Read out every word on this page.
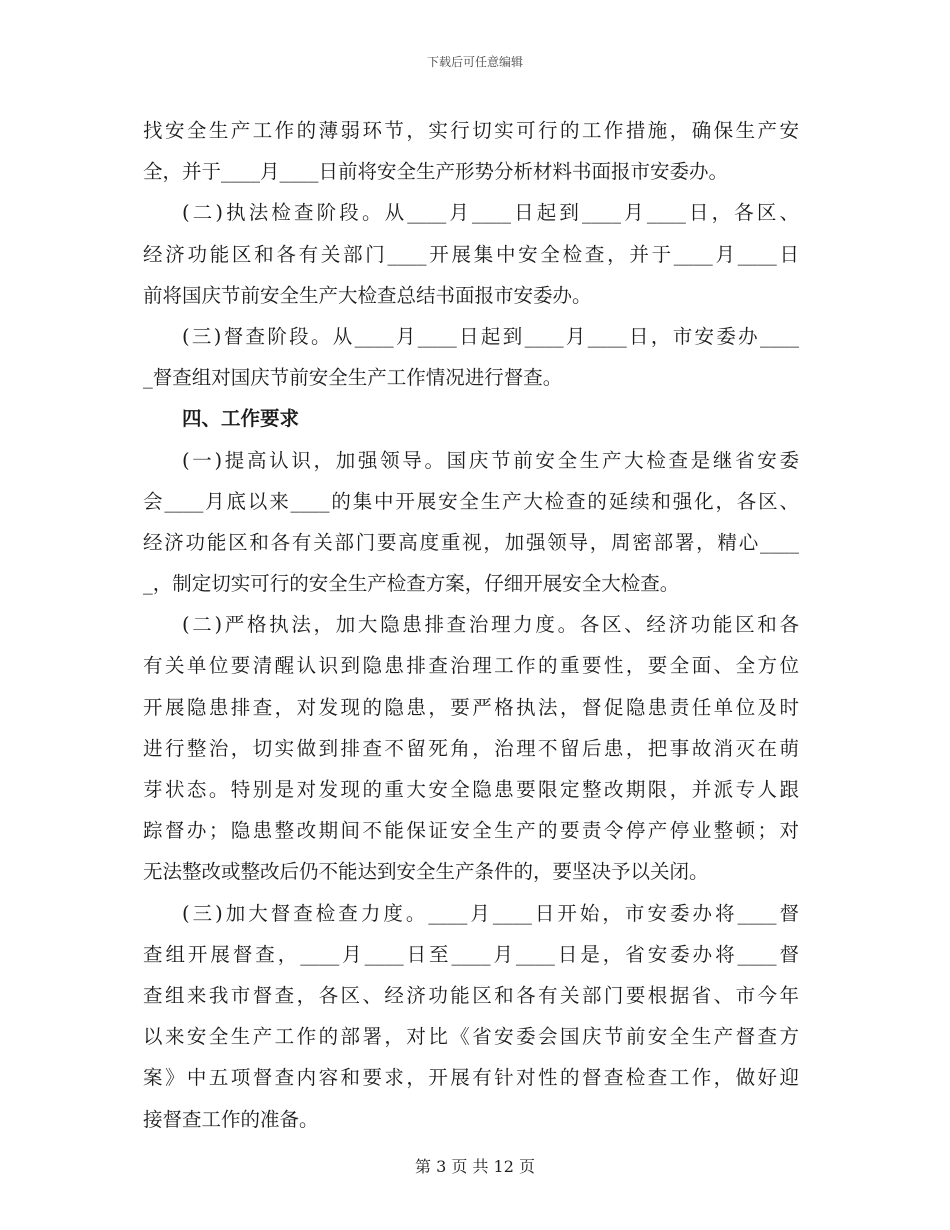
下载后可任意编辑
找安全生产工作的薄弱环节，实行切实可行的工作措施，确保生产安
全，并于____月____日前将安全生产形势分析材料书面报市安委办。
(二)执法检查阶段。从____月____日起到____月____日，各区、
经济功能区和各有关部门____开展集中安全检查，并于____月____日
前将国庆节前安全生产大检查总结书面报市安委办。
(三)督查阶段。从____月____日起到____月____日，市安委办____
_督查组对国庆节前安全生产工作情况进行督查。
四、工作要求
(一)提高认识，加强领导。国庆节前安全生产大检查是继省安委
会____月底以来____的集中开展安全生产大检查的延续和强化，各区、
经济功能区和各有关部门要高度重视，加强领导，周密部署，精心____
_，制定切实可行的安全生产检查方案，仔细开展安全大检查。
(二)严格执法，加大隐患排查治理力度。各区、经济功能区和各
有关单位要清醒认识到隐患排查治理工作的重要性，要全面、全方位
开展隐患排查，对发现的隐患，要严格执法，督促隐患责任单位及时
进行整治，切实做到排查不留死角，治理不留后患，把事故消灭在萌
芽状态。特别是对发现的重大安全隐患要限定整改期限，并派专人跟
踪督办；隐患整改期间不能保证安全生产的要责令停产停业整顿；对
无法整改或整改后仍不能达到安全生产条件的，要坚决予以关闭。
(三)加大督查检查力度。____月____日开始，市安委办将____督
查组开展督查，____月____日至____月____日是，省安委办将____督
查组来我市督查，各区、经济功能区和各有关部门要根据省、市今年
以来安全生产工作的部署，对比《省安委会国庆节前安全生产督查方
案》中五项督查内容和要求，开展有针对性的督查检查工作，做好迎
接督查工作的准备。
第 3 页 共 12 页
